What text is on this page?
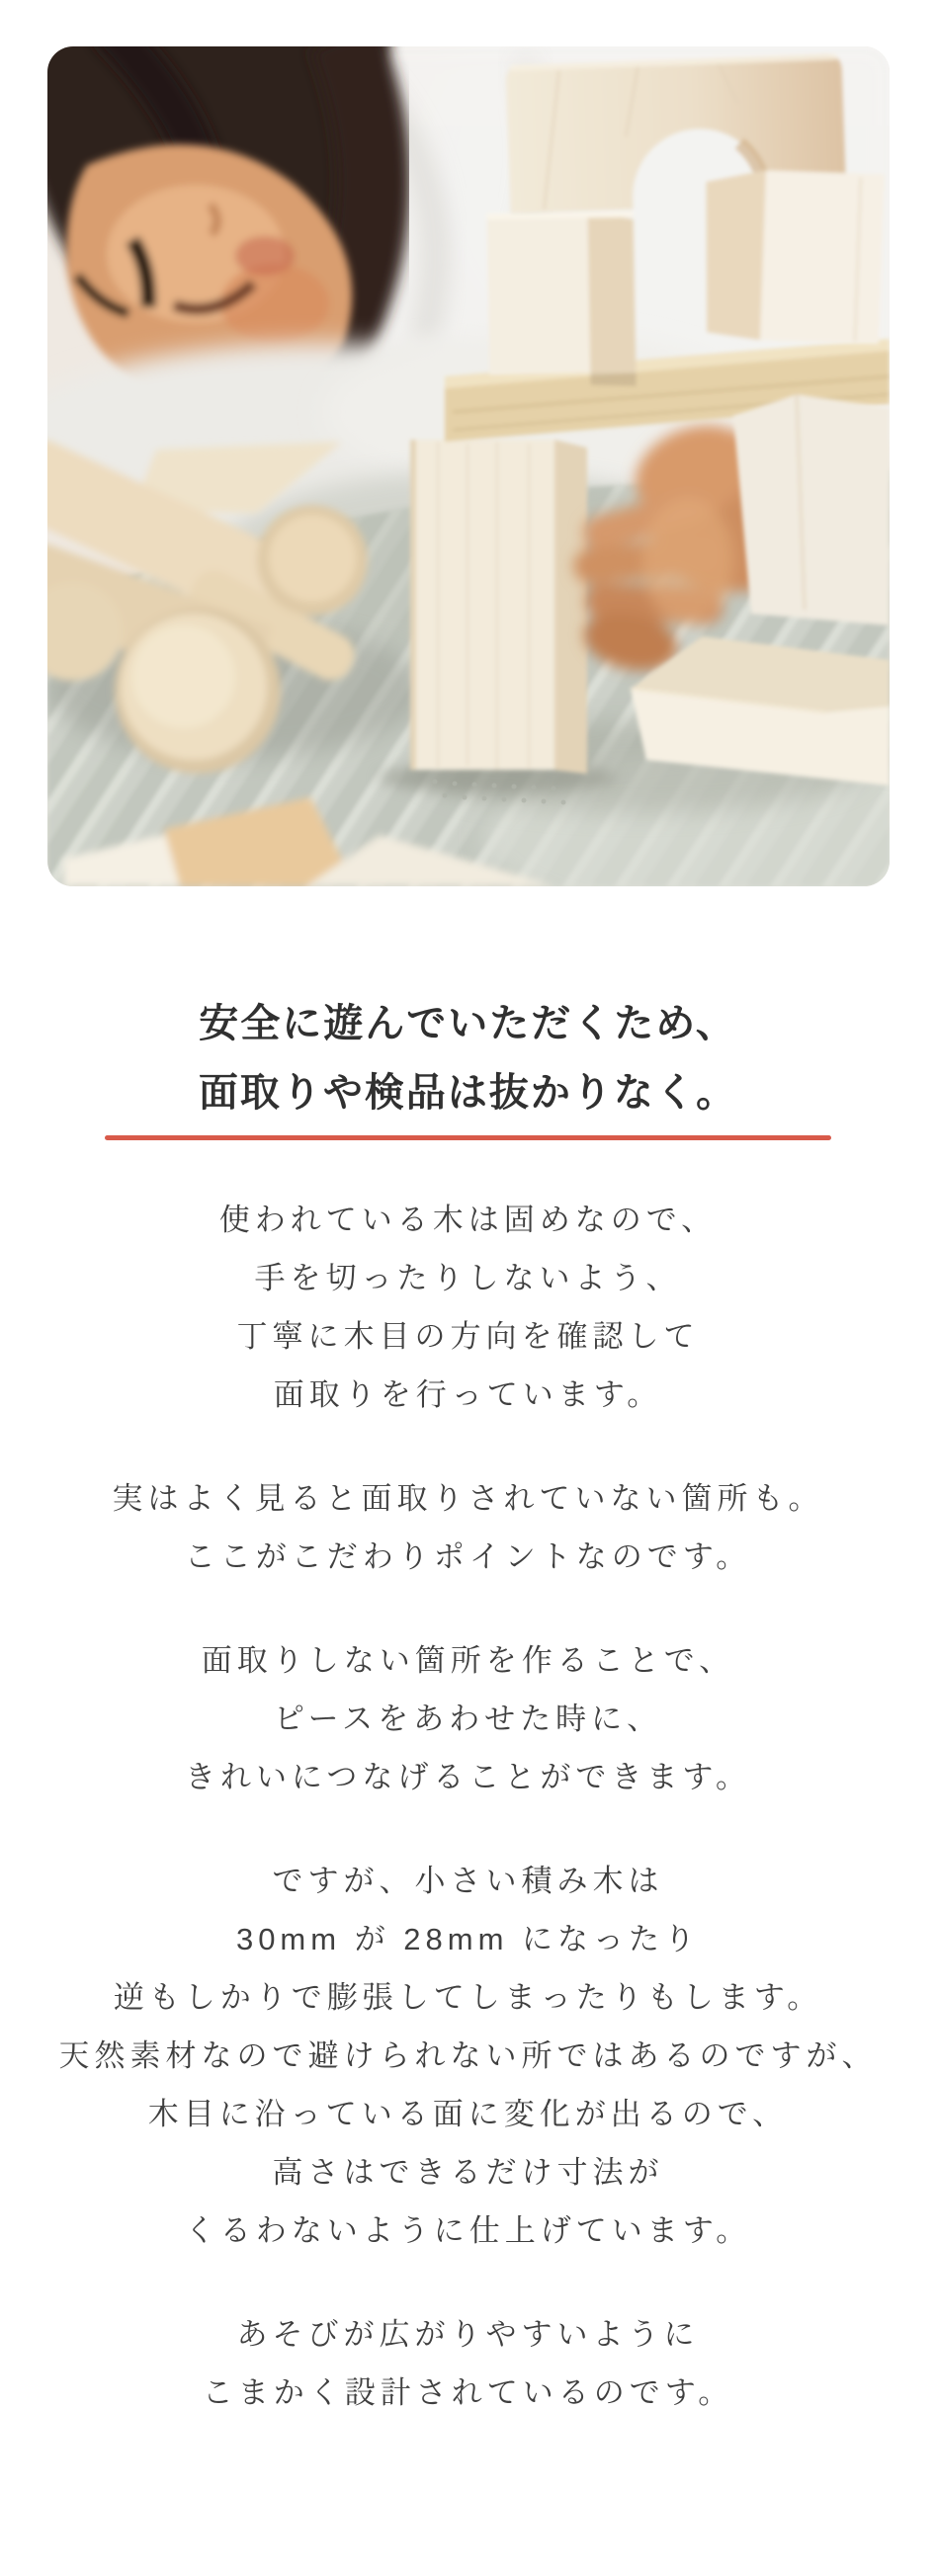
安全に遊んでいただくため、
面取りや検品は抜かりなく。

使われている木は固めなので、
手を切ったりしないよう、
丁寧に木目の方向を確認して
面取りを行っています。

実はよく見ると面取りされていない箇所も。
ここがこだわりポイントなのです。

面取りしない箇所を作ることで、
ピースをあわせた時に、
きれいにつなげることができます。

ですが、小さい積み木は
30mm が 28mm になったり
逆もしかりで膨張してしまったりもします。
天然素材なので避けられない所ではあるのですが、
木目に沿っている面に変化が出るので、
高さはできるだけ寸法が
くるわないように仕上げています。

あそびが広がりやすいように
こまかく設計されているのです。
